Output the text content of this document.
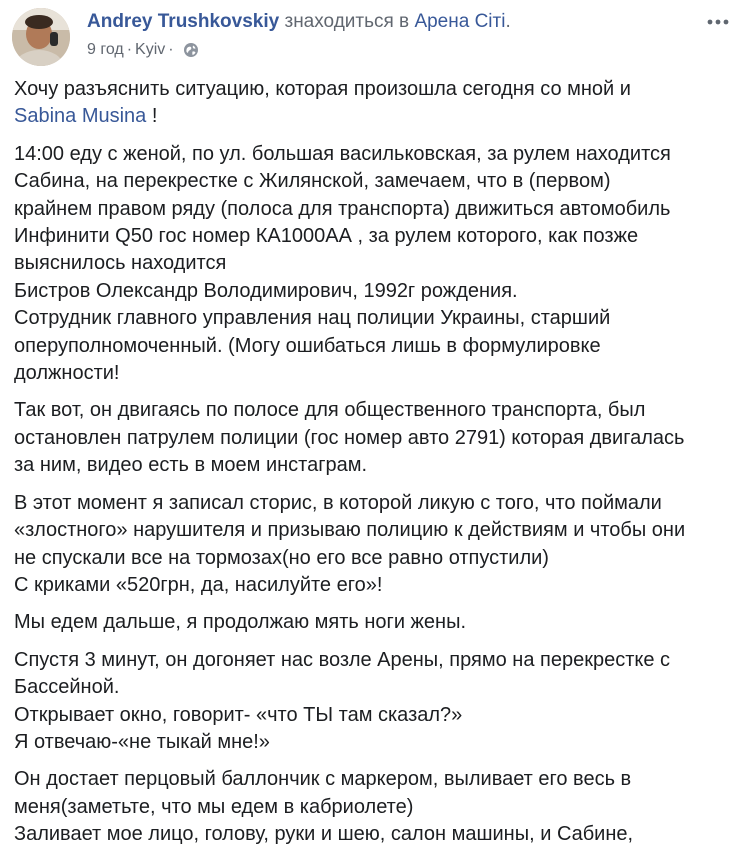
Andrey Trushkovskiy знаходиться в Арена Сіті.
9 год · Kyiv ·

Хочу разъяснить ситуацию, которая произошла сегодня со мной и
Sabina Musina !

14:00 еду с женой, по ул. большая васильковская, за рулем находится
Сабина, на перекрестке с Жилянской, замечаем, что в (первом)
крайнем правом ряду (полоса для транспорта) движиться автомобиль
Инфинити Q50 гос номер КА1000АА , за рулем которого, как позже
выяснилось находится
Бистров Олександр Володимирович, 1992г рождения.
Сотрудник главного управления нац полиции Украины, старший
оперуполномоченный. (Могу ошибаться лишь в формулировке
должности!

Так вот, он двигаясь по полосе для общественного транспорта, был
остановлен патрулем полиции (гос номер авто 2791) которая двигалась
за ним, видео есть в моем инстаграм.

В этот момент я записал сторис, в которой ликую с того, что поймали
«злостного» нарушителя и призываю полицию к действиям и чтобы они
не спускали все на тормозах(но его все равно отпустили)
С криками «520грн, да, насилуйте его»!

Мы едем дальше, я продолжаю мять ноги жены.

Спустя 3 минут, он догоняет нас возле Арены, прямо на перекрестке с
Бассейной.
Открывает окно, говорит- «что ТЫ там сказал?»
Я отвечаю-«не тыкай мне!»

Он достает перцовый баллончик с маркером, выливает его весь в
меня(заметьте, что мы едем в кабриолете)
Заливает мое лицо, голову, руки и шею, салон машины, и Сабине,
